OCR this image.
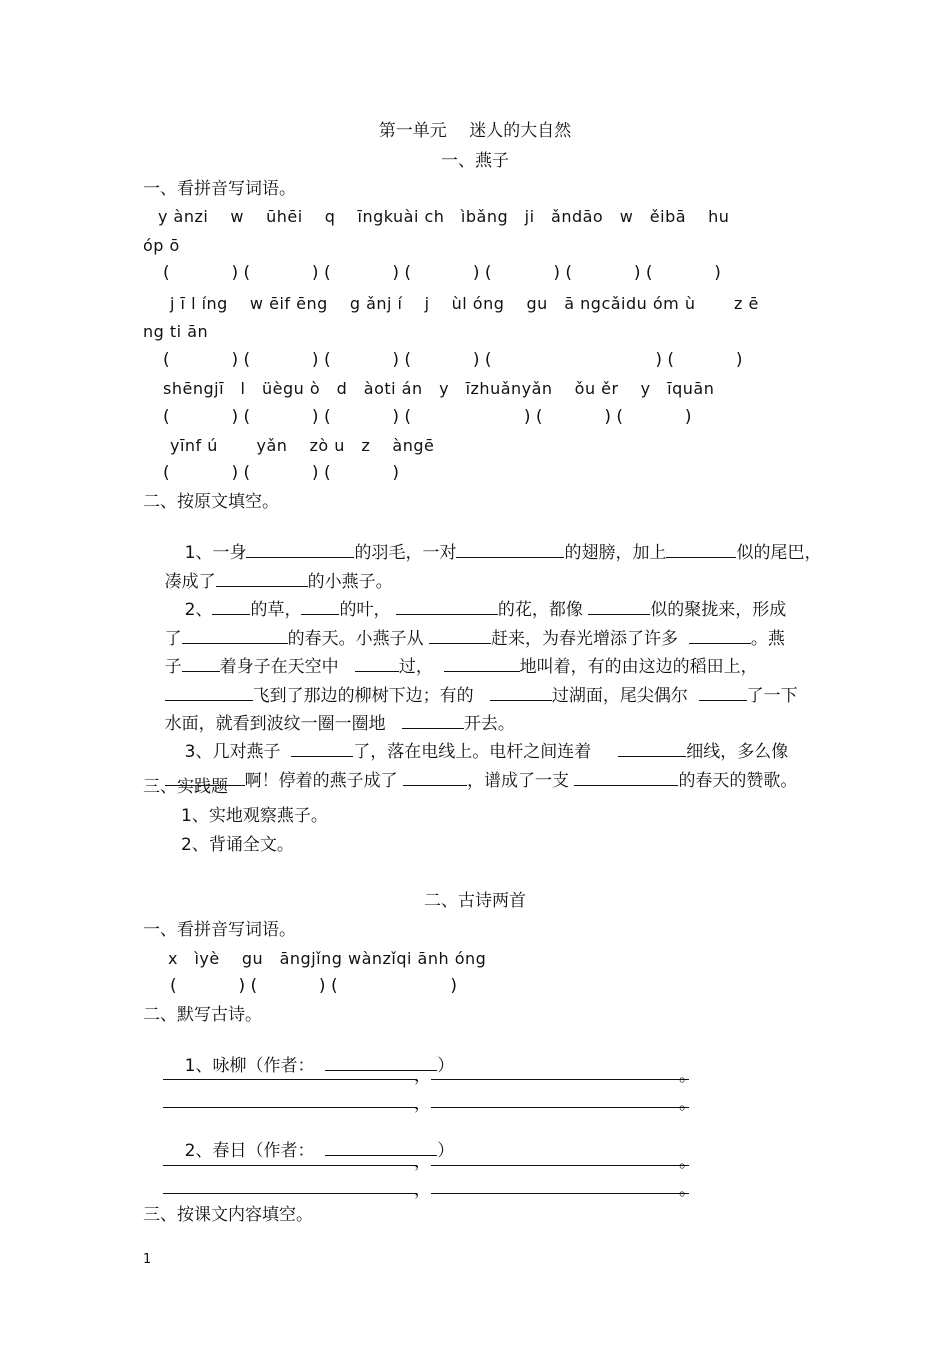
第一单元　 迷人的大自然
一、燕子
一、看拼音写词语。
y ànzi　 w　 ūhēi　 q　 īngkuài ch　ìbǎng　ji　ǎndāo　w　ěibā　 hu
óp ō
( 　　　 ) ( 　　　 ) ( 　　　 ) ( 　　　 ) ( 　　　 ) ( 　　　 ) ( 　　　 )
j ī l íng　 w ēif ēng　 g ǎnj í　 j　 ùl óng　 gu　ā ngcǎidu óm ù　　 z ē
ng ti ān
( 　　　 ) ( 　　　 ) ( 　　　 ) ( 　　　 ) ( 　　　　　　　　　 ) ( 　　　 )
shēngjī　l　üègu ò　d　àoti án　y　īzhuǎnyǎn　 ǒu ěr　 y　īquān
( 　　　 ) ( 　　　 ) ( 　　　 ) ( 　　　　　　 ) ( 　　　 ) ( 　　　 )
yīnf ú　　 yǎn　 zò u　z　 àngē
( 　　　 ) ( 　　　 ) ( 　　　 )
二、按原文填空。

1、一身	的羽毛，一对	的翅膀，加上	似的尾巴，

凑成了	的小燕子。

2、 的草， 的叶，	的花，都像	似的聚拢来，形成

了	的春天。小燕子从	赶来，为春光增添了许多	。燕

子 着身子在天空中	过，	地叫着，有的由这边的稻田上，

飞到了那边的柳树下边；有的	过湖面，尾尖偶尔	了一下

水面，就看到波纹一圈一圈地	开去。

3、几对燕子	了，落在电线上。电杆之间连着	细线，多么像

啊！停着的燕子成了	，谱成了一支	的春天的赞歌。

三、实践题
1、实地观察燕子。
2、背诵全文。
二、古诗两首
一、看拼音写词语。
x　ìyè　 gu　āngjǐng wànzǐqi ānh óng
( 　　　 ) ( 　　　 ) ( 　　　　　　 )
二、默写古诗。

1、咏柳（作者：	）

，	。
，	。

2、春日（作者：	）

，	。
，	。
三、按课文内容填空。
1
